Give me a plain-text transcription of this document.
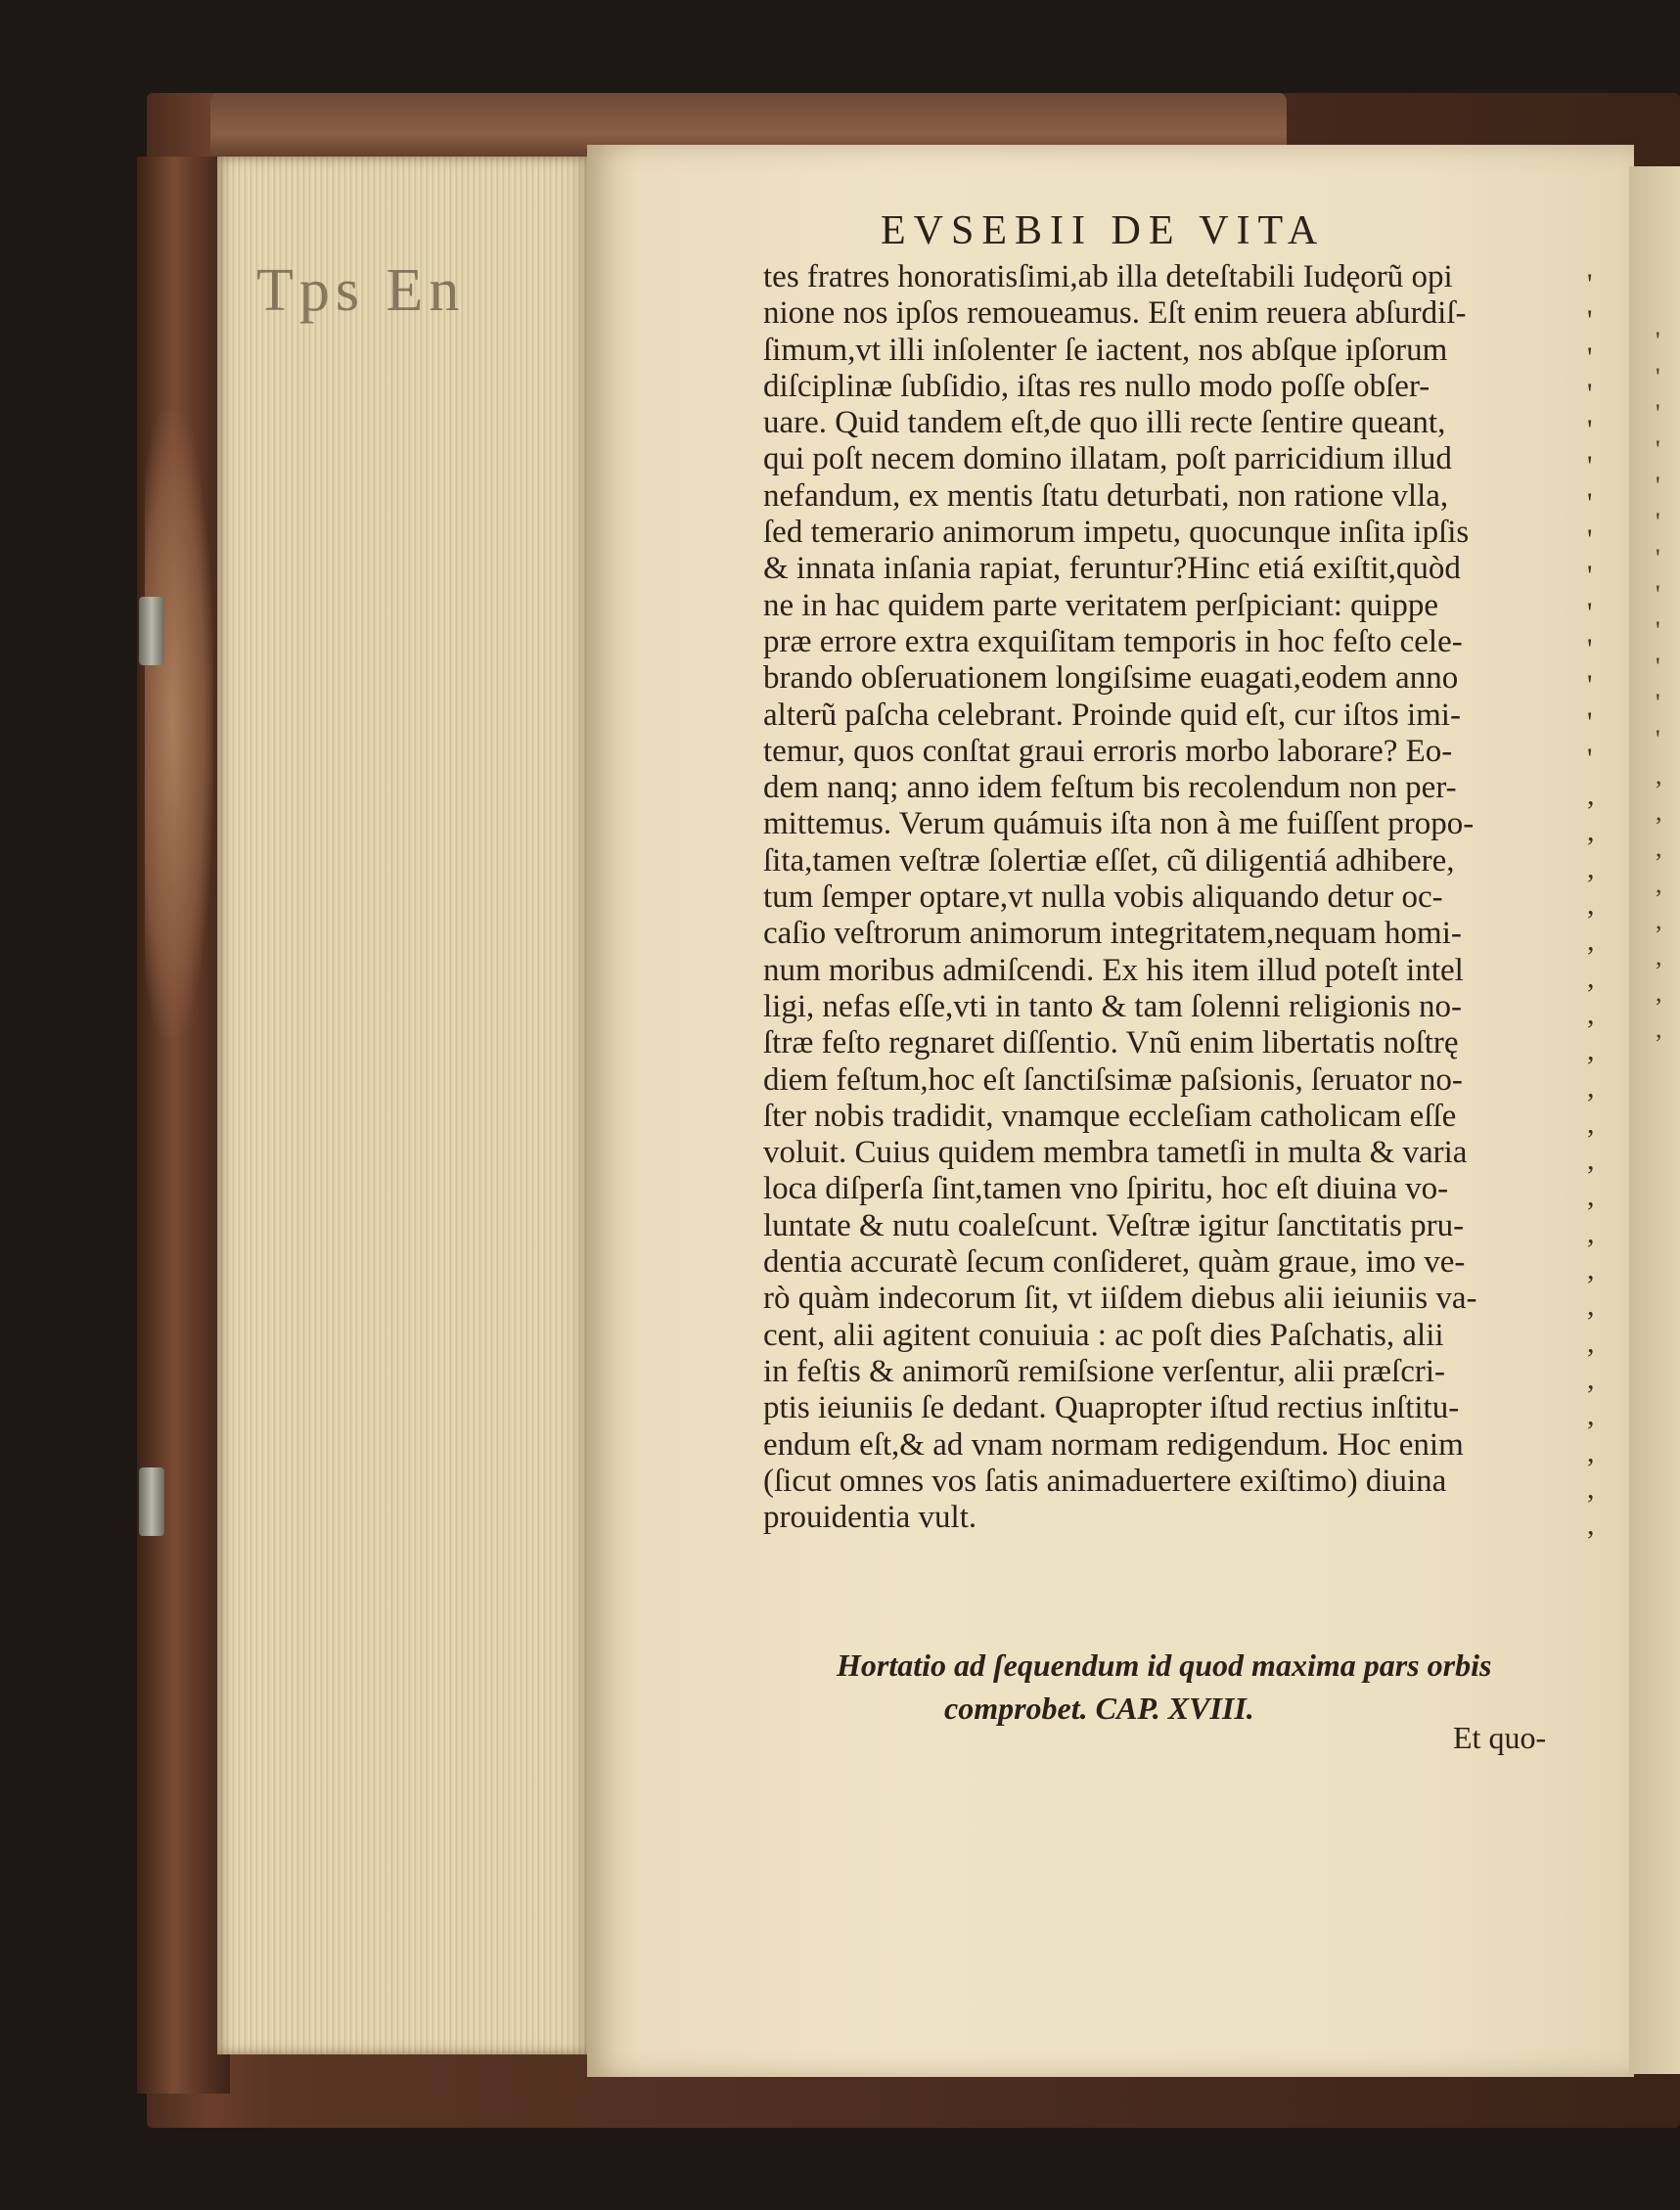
Tps En
'
'
'
'
'
'
'
'
'
'
'
'
,
,
,
,
,
,
,
,
EVSEBII DE VITA
tes fratres honoratisſimi,ab illa deteſtabili Iudęorũ opi
nione nos ipſos remoueamus. Eſt enim reuera abſurdiſ-
ſimum,vt illi inſolenter ſe iactent, nos abſque ipſorum
diſciplinæ ſubſidio, iſtas res nullo modo poſſe obſer-
uare. Quid tandem eſt,de quo illi recte ſentire queant,
qui poſt necem domino illatam, poſt parricidium illud
nefandum, ex mentis ſtatu deturbati, non ratione vlla,
ſed temerario animorum impetu, quocunque inſita ipſis
& innata inſania rapiat, feruntur?Hinc etiá exiſtit,quòd
ne in hac quidem parte veritatem perſpiciant: quippe
præ errore extra exquiſitam temporis in hoc feſto cele-
brando obſeruationem longiſsime euagati,eodem anno
alterũ paſcha celebrant. Proinde quid eſt, cur iſtos imi-
temur, quos conſtat graui erroris morbo laborare? Eo-
dem nanq; anno idem feſtum bis recolendum non per-
mittemus. Verum quámuis iſta non à me fuiſſent propo-
ſita,tamen veſtræ ſolertiæ eſſet, cũ diligentiá adhibere,
tum ſemper optare,vt nulla vobis aliquando detur oc-
caſio veſtrorum animorum integritatem,nequam homi-
num moribus admiſcendi. Ex his item illud poteſt intel
ligi, nefas eſſe,vti in tanto & tam ſolenni religionis no-
ſtræ feſto regnaret diſſentio. Vnũ enim libertatis noſtrę
diem feſtum,hoc eſt ſanctiſsimæ paſsionis, ſeruator no-
ſter nobis tradidit, vnamque eccleſiam catholicam eſſe
voluit. Cuius quidem membra tametſi in multa & varia
loca diſperſa ſint,tamen vno ſpiritu, hoc eſt diuina vo-
luntate & nutu coaleſcunt. Veſtræ igitur ſanctitatis pru-
dentia accuratè ſecum conſideret, quàm graue, imo ve-
rò quàm indecorum ſit, vt iiſdem diebus alii ieiuniis va-
cent, alii agitent conuiuia : ac poſt dies Paſchatis, alii
in feſtis & animorũ remiſsione verſentur, alii præſcri-
ptis ieiuniis ſe dedant. Quapropter iſtud rectius inſtitu-
endum eſt,& ad vnam normam redigendum. Hoc enim
(ſicut omnes vos ſatis animaduertere exiſtimo) diuina
prouidentia vult.
'
'
'
'
'
'
'
'
'
'
'
'
'
'
,
,
,
,
,
,
,
,
,
,
,
,
,
,
,
,
,
,
,
,
,
Hortatio ad ſequendum id quod maxima pars orbis
comprobet. CAP. XVIII.
Et quo-
